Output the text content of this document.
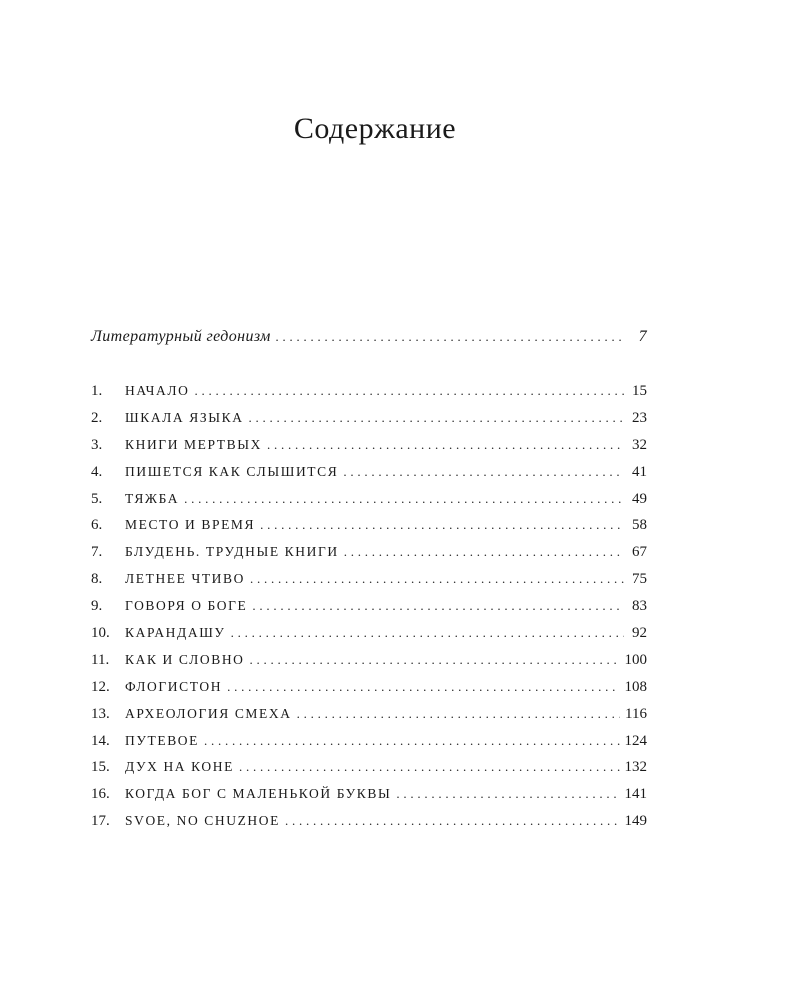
Содержание
Литературный гедонизм . . .	7
1.	НАЧАЛО . . .	15
2.	ШКАЛА ЯЗЫКА . . .	23
3.	КНИГИ МЕРТВЫХ . . .	32
4.	ПИШЕТСЯ КАК СЛЫШИТСЯ . . .	41
5.	ТЯЖБА . . .	49
6.	МЕСТО И ВРЕМЯ . . .	58
7.	БЛУДЕНЬ. ТРУДНЫЕ КНИГИ . . .	67
8.	ЛЕТНЕЕ ЧТИВО . . .	75
9.	ГОВОРЯ О БОГЕ . . .	83
10.	КАРАНДАШУ . . .	92
11.	КАК И СЛОВНО . . .	100
12.	ФЛОГИСТОН . . .	108
13.	АРХЕОЛОГИЯ СМЕХА . . .	116
14.	ПУТЕВОЕ . . .	124
15.	ДУХ НА КОНЕ . . .	132
16.	КОГДА БОГ С МАЛЕНЬКОЙ БУКВЫ . . .	141
17.	SVOE, NO CHUZHOE . . .	149
